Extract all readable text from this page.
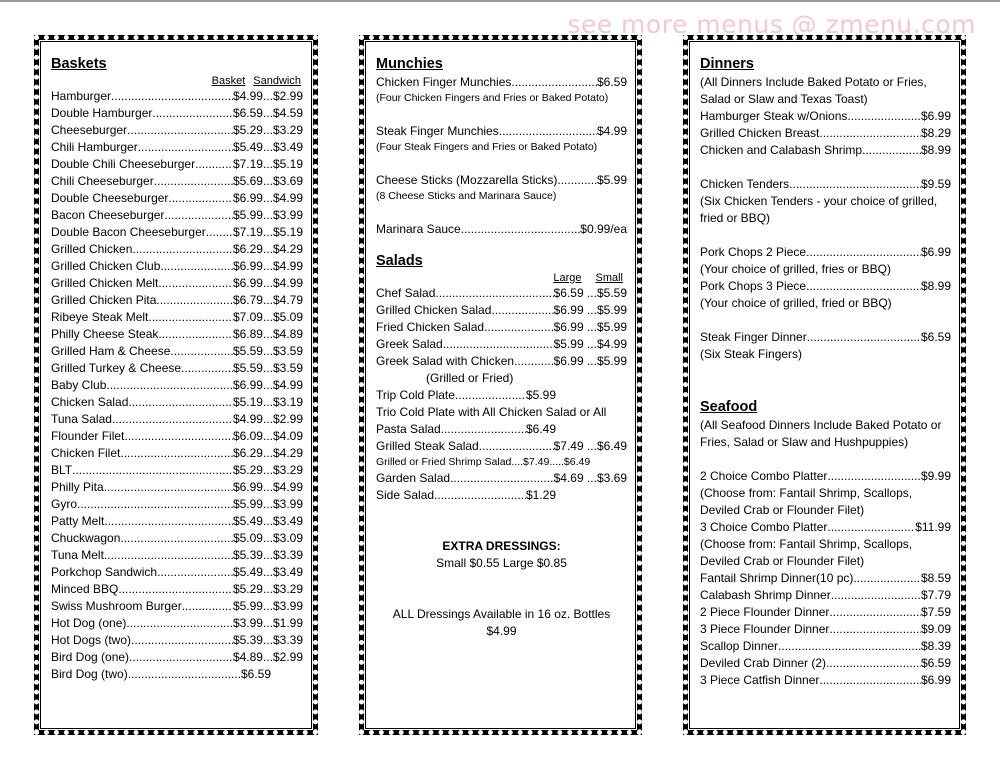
see more menus @ zmenu.com
Baskets
Basket Sandwich
Hamburger .....	$4.99... $2.99
Double Hamburger .....	$6.59... $4.59
Cheeseburger .....	$5.29... $3.29
Chili Hamburger .....	$5.49... $3.49
Double Chili Cheeseburger .....	$7.19... $5.19
Chili Cheeseburger .....	$5.69... $3.69
Double Cheeseburger .....	$6.99... $4.99
Bacon Cheeseburger .....	$5.99... $3.99
Double Bacon Cheeseburger ..... $7.19... $5.19
Grilled Chicken .....	$6.29... $4.29
Grilled Chicken Club .....	$6.99... $4.99
Grilled Chicken Melt .....	$6.99... $4.99
Grilled Chicken Pita .....	$6.79... $4.79
Ribeye Steak Melt .....	$7.09... $5.09
Philly Cheese Steak .....	$6.89... $4.89
Grilled Ham & Cheese .....	$5.59... $3.59
Grilled Turkey & Cheese .....	$5.59... $3.59
Baby Club .....	$6.99... $4.99
Chicken Salad .....	$5.19... $3.19
Tuna Salad .....	$4.99... $2.99
Flounder Filet .....	$6.09... $4.09
Chicken Filet .....	$6.29... $4.29
BLT .....	$5.29... $3.29
Philly Pita .....	$6.99... $4.99
Gyro .....	$5.99... $3.99
Patty Melt .....	$5.49... $3.49
Chuckwagon .....	$5.09... $3.09
Tuna Melt .....	$5.39... $3.39
Porkchop Sandwich .....	$5.49... $3.49
Minced BBQ .....	$5.29... $3.29
Swiss Mushroom Burger .....	$5.99... $3.99
Hot Dog (one) .....	$3.99... $1.99
Hot Dogs (two) .....	$5.39... $3.39
Bird Dog (one) .....	$4.89... $2.99
Bird Dog (two) .....	$6.59
Munchies
Chicken Finger Munchies .....	$6.59
(Four Chicken Fingers and Fries or Baked Potato)
Steak Finger Munchies .....	$4.99
(Four Steak Fingers and Fries or Baked Potato)
Cheese Sticks (Mozzarella Sticks) .....	$5.99
(8 Cheese Sticks and Marinara Sauce)
Marinara Sauce .....	$0.99/ea
Salads
Large Small
Chef Salad .....	$6.59 ... $5.59
Grilled Chicken Salad .....	$6.99 ... $5.99
Fried Chicken Salad .....	$6.99 ... $5.99
Greek Salad .....	$5.99 ... $4.99
Greek Salad with Chicken .....	$6.99 ... $5.99
(Grilled or Fried)
Trip Cold Plate .....	$5.99
Trio Cold Plate with All Chicken Salad or All
Pasta Salad .....	$6.49
Grilled Steak Salad .....	$7.49 ... $6.49
Grilled or Fried Shrimp Salad....$7.49.....$6.49
Garden Salad .....	$4.69 ... $3.69
Side Salad .....	$1.29
EXTRA DRESSINGS:
Small $0.55 Large $0.85
ALL Dressings Available in 16 oz. Bottles
$4.99
Dinners
(All Dinners Include Baked Potato or Fries,
Salad or Slaw and Texas Toast)
Hamburger Steak w/Onions .....	$6.99
Grilled Chicken Breast .....	$8.29
Chicken and Calabash Shrimp .....	$8.99
Chicken Tenders .....	$9.59
(Six Chicken Tenders - your choice of grilled,
fried or BBQ)
Pork Chops 2 Piece .....	$6.99
(Your choice of grilled, fries or BBQ)
Pork Chops 3 Piece .....	$8.99
(Your choice of grilled, fried or BBQ)
Steak Finger Dinner .....	$6.59
(Six Steak Fingers)
Seafood
(All Seafood Dinners Include Baked Potato or
Fries, Salad or Slaw and Hushpuppies)
2 Choice Combo Platter .....	$9.99
(Choose from: Fantail Shrimp, Scallops,
Deviled Crab or Flounder Filet)
3 Choice Combo Platter .....	$11.99
(Choose from: Fantail Shrimp, Scallops,
Deviled Crab or Flounder Filet)
Fantail Shrimp Dinner(10 pc) .....	$8.59
Calabash Shrimp Dinner .....	$7.79
2 Piece Flounder Dinner .....	$7.59
3 Piece Flounder Dinner .....	$9.09
Scallop Dinner .....	$8.39
Deviled Crab Dinner (2) .....	$6.59
3 Piece Catfish Dinner .....	$6.99
